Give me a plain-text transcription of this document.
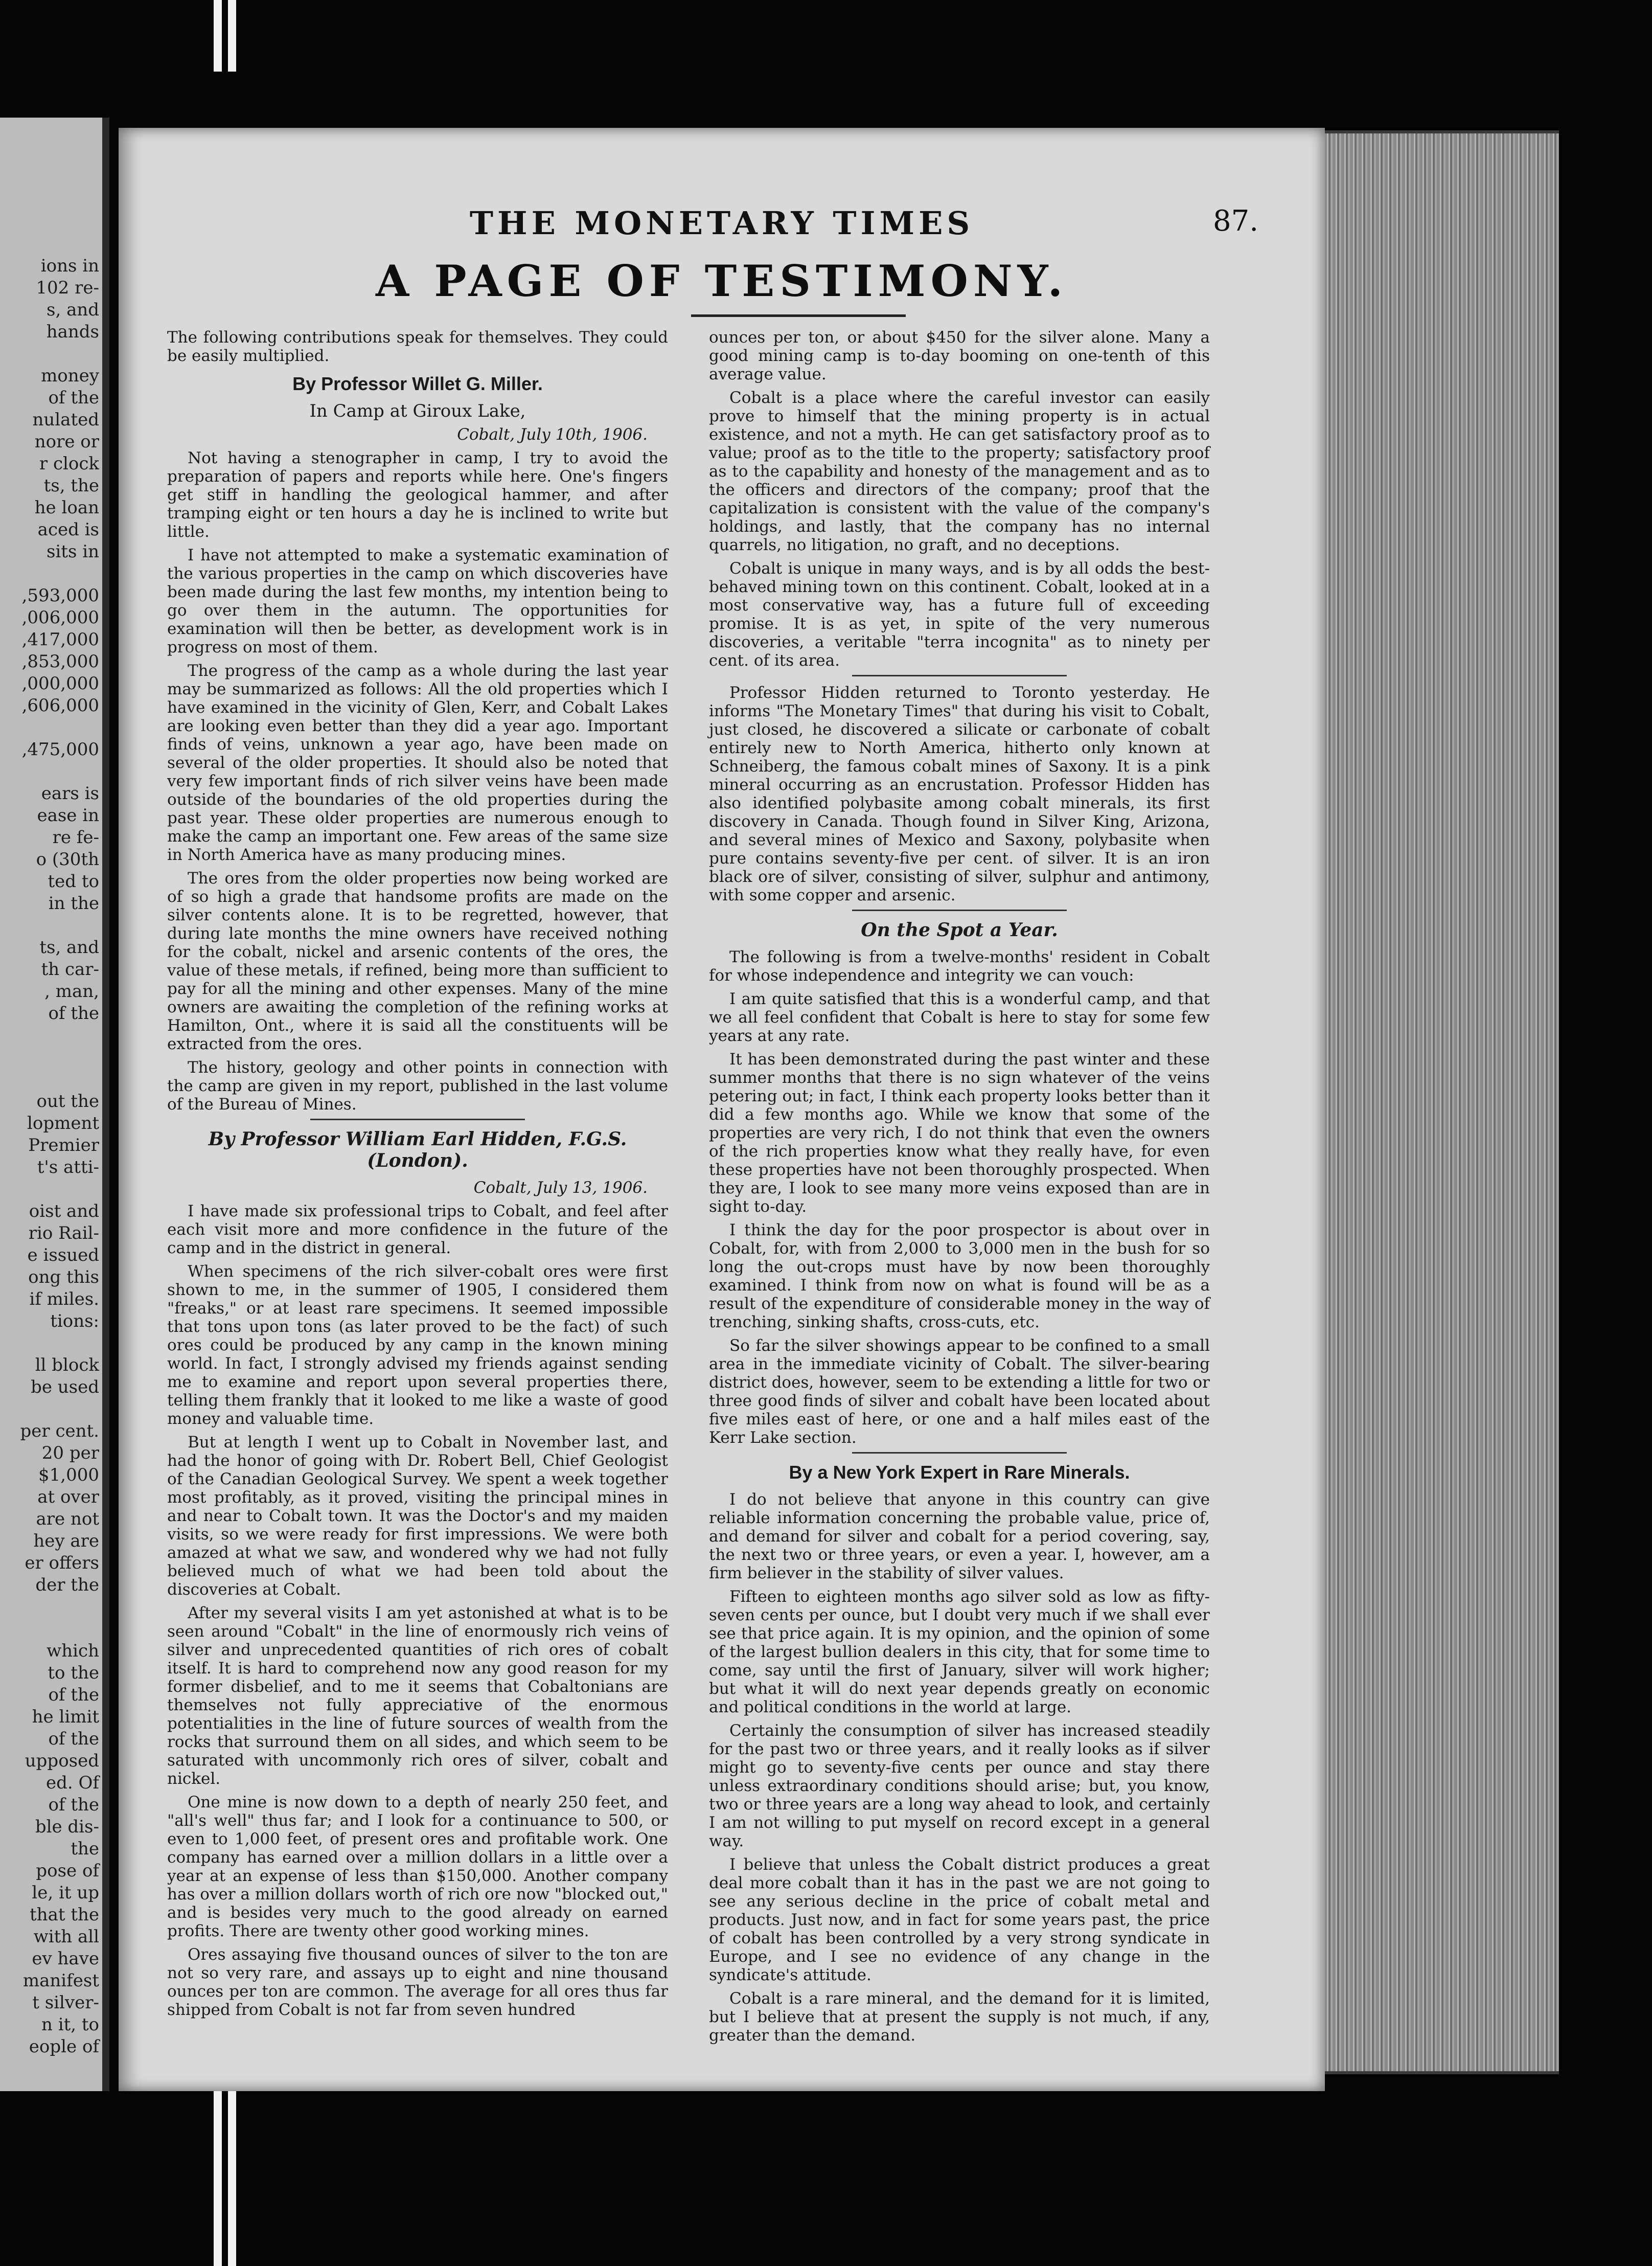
ions in
102 re-
s, and
hands
money
of the
nulated
nore or
r clock
ts, the
he loan
aced is
sits in
,593,000
,006,000
,417,000
,853,000
,000,000
,606,000
,475,000
ears is
ease in
re fe-
o (30th
ted to
in the
ts, and
th car-
, man,
of the
out the
lopment
Premier
t's atti-
oist and
rio Rail-
e issued
ong this
if miles.
tions:
ll block
be used
per cent.
20 per
$1,000
at over
are not
hey are
er offers
der the
which
to the
of the
he limit
of the
upposed
ed. Of
of the
ble dis-
the
pose of
le, it up
that the
with all
ev have
manifest
t silver-
n it, to
eople of
THE MONETARY TIMES	87.
A PAGE OF TESTIMONY.

The following contributions speak for themselves. They could be easily multiplied.

By Professor Willet G. Miller.
In Camp at Giroux Lake,
Cobalt, July 10th, 1906.

Not having a stenographer in camp, I try to avoid the preparation of papers and reports while here. One's fingers get stiff in handling the geological hammer, and after tramping eight or ten hours a day he is inclined to write but little.

I have not attempted to make a systematic examination of the various properties in the camp on which discoveries have been made during the last few months, my intention being to go over them in the autumn. The opportunities for examination will then be better, as development work is in progress on most of them.

The progress of the camp as a whole during the last year may be summarized as follows: All the old properties which I have examined in the vicinity of Glen, Kerr, and Cobalt Lakes are looking even better than they did a year ago. Important finds of veins, unknown a year ago, have been made on several of the older properties. It should also be noted that very few important finds of rich silver veins have been made outside of the boundaries of the old properties during the past year. These older properties are numerous enough to make the camp an important one. Few areas of the same size in North America have as many producing mines.

The ores from the older properties now being worked are of so high a grade that handsome profits are made on the silver contents alone. It is to be regretted, however, that during late months the mine owners have received nothing for the cobalt, nickel and arsenic contents of the ores, the value of these metals, if refined, being more than sufficient to pay for all the mining and other expenses. Many of the mine owners are awaiting the completion of the refining works at Hamilton, Ont., where it is said all the constituents will be extracted from the ores.

The history, geology and other points in connection with the camp are given in my report, published in the last volume of the Bureau of Mines.

By Professor William Earl Hidden, F.G.S. (London).
Cobalt, July 13, 1906.

I have made six professional trips to Cobalt, and feel after each visit more and more confidence in the future of the camp and in the district in general.

When specimens of the rich silver-cobalt ores were first shown to me, in the summer of 1905, I considered them "freaks," or at least rare specimens. It seemed impossible that tons upon tons (as later proved to be the fact) of such ores could be produced by any camp in the known mining world. In fact, I strongly advised my friends against sending me to examine and report upon several properties there, telling them frankly that it looked to me like a waste of good money and valuable time.

But at length I went up to Cobalt in November last, and had the honor of going with Dr. Robert Bell, Chief Geologist of the Canadian Geological Survey. We spent a week together most profitably, as it proved, visiting the principal mines in and near to Cobalt town. It was the Doctor's and my maiden visits, so we were ready for first impressions. We were both amazed at what we saw, and wondered why we had not fully believed much of what we had been told about the discoveries at Cobalt.

After my several visits I am yet astonished at what is to be seen around "Cobalt" in the line of enormously rich veins of silver and unprecedented quantities of rich ores of cobalt itself. It is hard to comprehend now any good reason for my former disbelief, and to me it seems that Cobaltonians are themselves not fully appreciative of the enormous potentialities in the line of future sources of wealth from the rocks that surround them on all sides, and which seem to be saturated with uncommonly rich ores of silver, cobalt and nickel.

One mine is now down to a depth of nearly 250 feet, and "all's well" thus far; and I look for a continuance to 500, or even to 1,000 feet, of present ores and profitable work. One company has earned over a million dollars in a little over a year at an expense of less than $150,000. Another company has over a million dollars worth of rich ore now "blocked out," and is besides very much to the good already on earned profits. There are twenty other good working mines.

Ores assaying five thousand ounces of silver to the ton are not so very rare, and assays up to eight and nine thousand ounces per ton are common. The average for all ores thus far shipped from Cobalt is not far from seven hundred

ounces per ton, or about $450 for the silver alone. Many a good mining camp is to-day booming on one-tenth of this average value.

Cobalt is a place where the careful investor can easily prove to himself that the mining property is in actual existence, and not a myth. He can get satisfactory proof as to value; proof as to the title to the property; satisfactory proof as to the capability and honesty of the management and as to the officers and directors of the company; proof that the capitalization is consistent with the value of the company's holdings, and lastly, that the company has no internal quarrels, no litigation, no graft, and no deceptions.

Cobalt is unique in many ways, and is by all odds the best-behaved mining town on this continent. Cobalt, looked at in a most conservative way, has a future full of exceeding promise. It is as yet, in spite of the very numerous discoveries, a veritable "terra incognita" as to ninety per cent. of its area.

Professor Hidden returned to Toronto yesterday. He informs "The Monetary Times" that during his visit to Cobalt, just closed, he discovered a silicate or carbonate of cobalt entirely new to North America, hitherto only known at Schneiberg, the famous cobalt mines of Saxony. It is a pink mineral occurring as an encrustation. Professor Hidden has also identified polybasite among cobalt minerals, its first discovery in Canada. Though found in Silver King, Arizona, and several mines of Mexico and Saxony, polybasite when pure contains seventy-five per cent. of silver. It is an iron black ore of silver, consisting of silver, sulphur and antimony, with some copper and arsenic.

On the Spot a Year.

The following is from a twelve-months' resident in Cobalt for whose independence and integrity we can vouch:

I am quite satisfied that this is a wonderful camp, and that we all feel confident that Cobalt is here to stay for some few years at any rate.

It has been demonstrated during the past winter and these summer months that there is no sign whatever of the veins petering out; in fact, I think each property looks better than it did a few months ago. While we know that some of the properties are very rich, I do not think that even the owners of the rich properties know what they really have, for even these properties have not been thoroughly prospected. When they are, I look to see many more veins exposed than are in sight to-day.

I think the day for the poor prospector is about over in Cobalt, for, with from 2,000 to 3,000 men in the bush for so long the out-crops must have by now been thoroughly examined. I think from now on what is found will be as a result of the expenditure of considerable money in the way of trenching, sinking shafts, cross-cuts, etc.

So far the silver showings appear to be confined to a small area in the immediate vicinity of Cobalt. The silver-bearing district does, however, seem to be extending a little for two or three good finds of silver and cobalt have been located about five miles east of here, or one and a half miles east of the Kerr Lake section.

By a New York Expert in Rare Minerals.

I do not believe that anyone in this country can give reliable information concerning the probable value, price of, and demand for silver and cobalt for a period covering, say, the next two or three years, or even a year. I, however, am a firm believer in the stability of silver values.

Fifteen to eighteen months ago silver sold as low as fifty-seven cents per ounce, but I doubt very much if we shall ever see that price again. It is my opinion, and the opinion of some of the largest bullion dealers in this city, that for some time to come, say until the first of January, silver will work higher; but what it will do next year depends greatly on economic and political conditions in the world at large.

Certainly the consumption of silver has increased steadily for the past two or three years, and it really looks as if silver might go to seventy-five cents per ounce and stay there unless extraordinary conditions should arise; but, you know, two or three years are a long way ahead to look, and certainly I am not willing to put myself on record except in a general way.

I believe that unless the Cobalt district produces a great deal more cobalt than it has in the past we are not going to see any serious decline in the price of cobalt metal and products. Just now, and in fact for some years past, the price of cobalt has been controlled by a very strong syndicate in Europe, and I see no evidence of any change in the syndicate's attitude.

Cobalt is a rare mineral, and the demand for it is limited, but I believe that at present the supply is not much, if any, greater than the demand.
